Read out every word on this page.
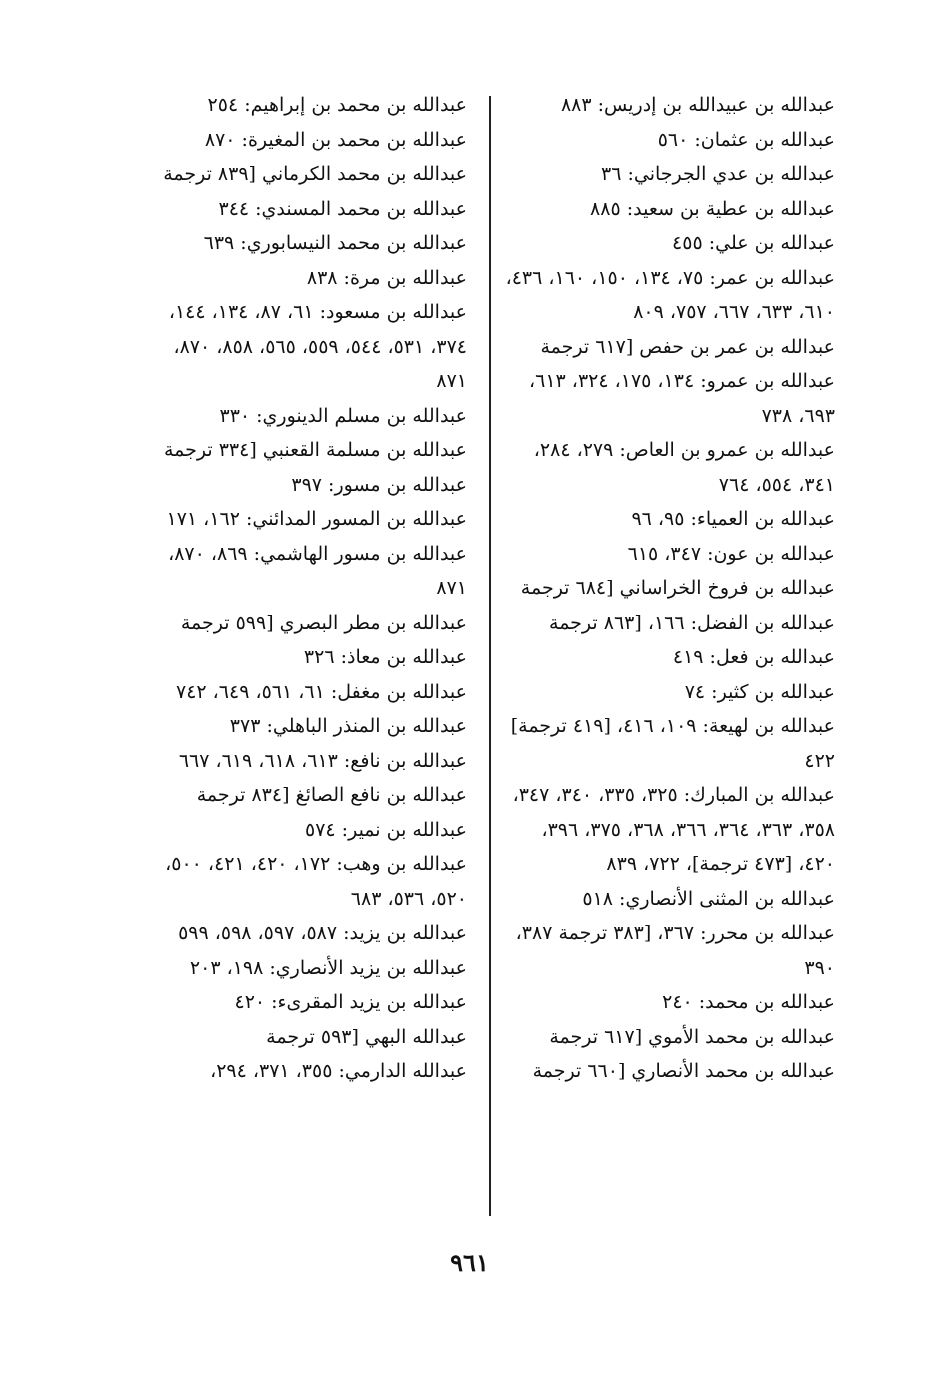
عبدالله بن عبيدالله بن إدريس: ٨٨٣

عبدالله بن عثمان: ٥٦٠

عبدالله بن عدي الجرجاني: ٣٦

عبدالله بن عطية بن سعيد: ٨٨٥

عبدالله بن علي: ٤٥٥

عبدالله بن عمر: ٧٥، ١٣٤، ١٥٠، ١٦٠، ٤٣٦، ٦١٠، ٦٣٣، ٦٦٧، ٧٥٧، ٨٠٩

عبدالله بن عمر بن حفص [٦١٧ ترجمة

عبدالله بن عمرو: ١٣٤، ١٧٥، ٣٢٤، ٦١٣، ٦٩٣، ٧٣٨

عبدالله بن عمرو بن العاص: ٢٧٩، ٢٨٤، ٣٤١، ٥٥٤، ٧٦٤

عبدالله بن العمياء: ٩٥، ٩٦

عبدالله بن عون: ٣٤٧، ٦١٥

عبدالله بن فروخ الخراساني [٦٨٤ ترجمة

عبدالله بن الفضل: ١٦٦، [٨٦٣ ترجمة

عبدالله بن فعل: ٤١٩

عبدالله بن كثير: ٧٤

عبدالله بن لهيعة: ١٠٩، ٤١٦، [٤١٩ ترجمة] ٤٢٢

عبدالله بن المبارك: ٣٢٥، ٣٣٥، ٣٤٠، ٣٤٧، ٣٥٨، ٣٦٣، ٣٦٤، ٣٦٦، ٣٦٨، ٣٧٥، ٣٩٦، ٤٢٠، [٤٧٣ ترجمة]، ٧٢٢، ٨٣٩

عبدالله بن المثنى الأنصاري: ٥١٨

عبدالله بن محرر: ٣٦٧، [٣٨٣ ترجمة ٣٨٧، ٣٩٠

عبدالله بن محمد: ٢٤٠

عبدالله بن محمد الأموي [٦١٧ ترجمة

عبدالله بن محمد الأنصاري [٦٦٠ ترجمة

عبدالله بن محمد بن إبراهيم: ٢٥٤

عبدالله بن محمد بن المغيرة: ٨٧٠

عبدالله بن محمد الكرماني [٨٣٩ ترجمة

عبدالله بن محمد المسندي: ٣٤٤

عبدالله بن محمد النيسابوري: ٦٣٩

عبدالله بن مرة: ٨٣٨

عبدالله بن مسعود: ٦١، ٨٧، ١٣٤، ١٤٤، ٣٧٤، ٥٣١، ٥٤٤، ٥٥٩، ٥٦٥، ٨٥٨، ٨٧٠، ٨٧١

عبدالله بن مسلم الدينوري: ٣٣٠

عبدالله بن مسلمة القعنبي [٣٣٤ ترجمة

عبدالله بن مسور: ٣٩٧

عبدالله بن المسور المدائني: ١٦٢، ١٧١

عبدالله بن مسور الهاشمي: ٨٦٩، ٨٧٠، ٨٧١

عبدالله بن مطر البصري [٥٩٩ ترجمة

عبدالله بن معاذ: ٣٢٦

عبدالله بن مغفل: ٦١، ٥٦١، ٦٤٩، ٧٤٢

عبدالله بن المنذر الباهلي: ٣٧٣

عبدالله بن نافع: ٦١٣، ٦١٨، ٦١٩، ٦٦٧

عبدالله بن نافع الصائغ [٨٣٤ ترجمة

عبدالله بن نمير: ٥٧٤

عبدالله بن وهب: ١٧٢، ٤٢٠، ٤٢١، ٥٠٠، ٥٢٠، ٥٣٦، ٦٨٣

عبدالله بن يزيد: ٥٨٧، ٥٩٧، ٥٩٨، ٥٩٩

عبدالله بن يزيد الأنصاري: ١٩٨، ٢٠٣

عبدالله بن يزيد المقرىء: ٤٢٠

عبدالله البهي [٥٩٣ ترجمة

عبدالله الدارمي: ٣٥٥، ٣٧١، ٢٩٤،

٩٦١
